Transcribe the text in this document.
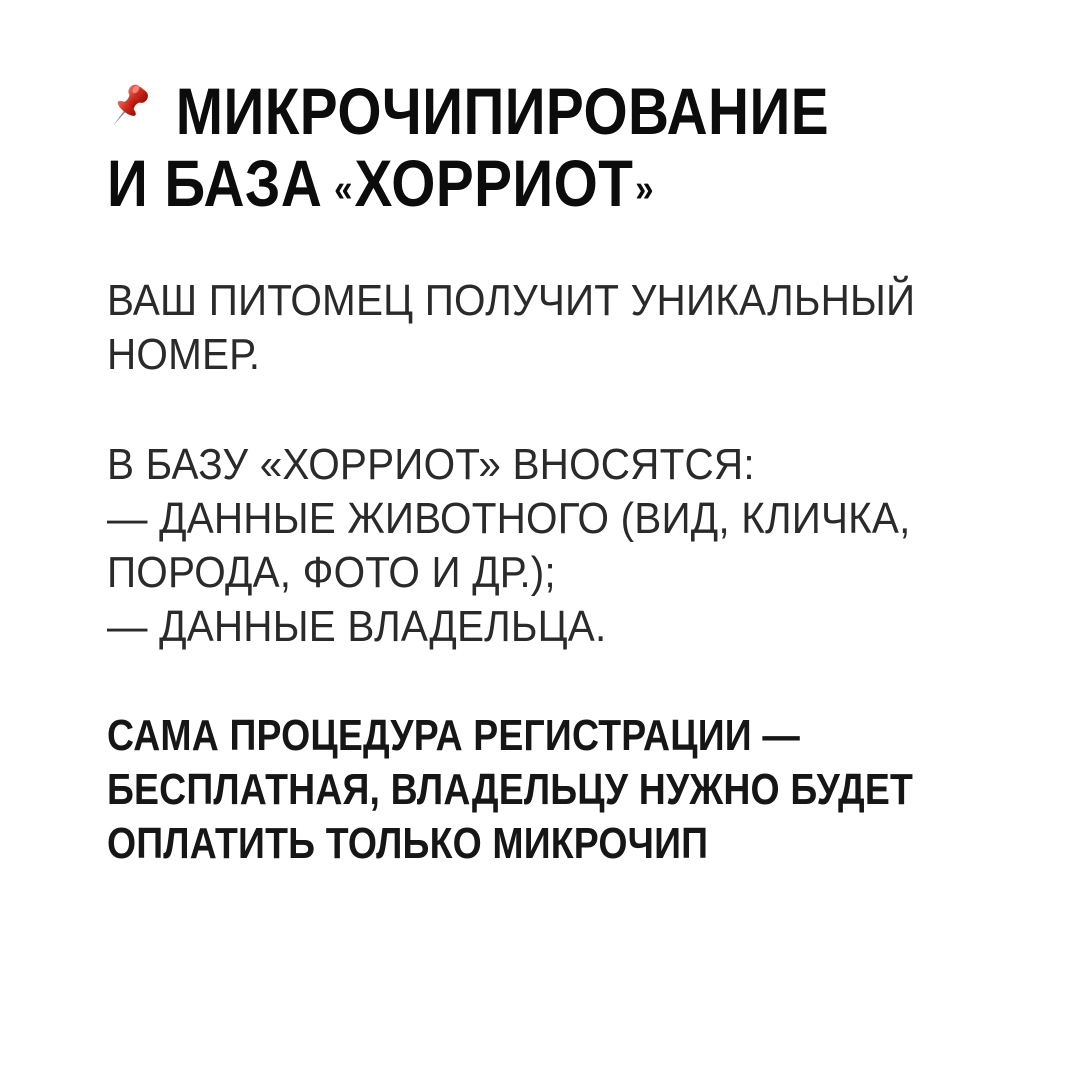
МИКРОЧИПИРОВАНИЕ
И БАЗА «ХОРРИОТ»

ВАШ ПИТОМЕЦ ПОЛУЧИТ УНИКАЛЬНЫЙ
НОМЕР.

В БАЗУ «ХОРРИОТ» ВНОСЯТСЯ:
— ДАННЫЕ ЖИВОТНОГО (ВИД, КЛИЧКА,
ПОРОДА, ФОТО И ДР.);
— ДАННЫЕ ВЛАДЕЛЬЦА.

САМА ПРОЦЕДУРА РЕГИСТРАЦИИ —
БЕСПЛАТНАЯ, ВЛАДЕЛЬЦУ НУЖНО БУДЕТ
ОПЛАТИТЬ ТОЛЬКО МИКРОЧИП
